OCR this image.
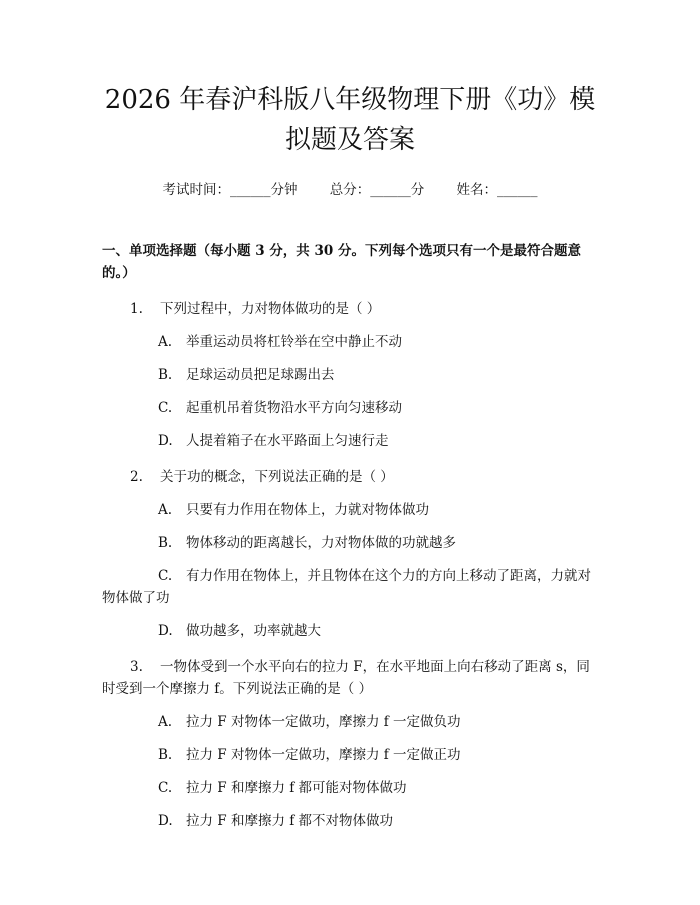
2026 年春沪科版八年级物理下册《功》模拟题及答案
考试时间：______分钟 总分：______分 姓名：______
一、单项选择题（每小题 3 分，共 30 分。下列每个选项只有一个是最符合题意的。）
1. 下列过程中，力对物体做功的是（ ）
A. 举重运动员将杠铃举在空中静止不动
B. 足球运动员把足球踢出去
C. 起重机吊着货物沿水平方向匀速移动
D. 人提着箱子在水平路面上匀速行走
2. 关于功的概念，下列说法正确的是（ ）
A. 只要有力作用在物体上，力就对物体做功
B. 物体移动的距离越长，力对物体做的功就越多
C. 有力作用在物体上，并且物体在这个力的方向上移动了距离，力就对物体做了功
D. 做功越多，功率就越大
3. 一物体受到一个水平向右的拉力 F，在水平地面上向右移动了距离 s，同时受到一个摩擦力 f。下列说法正确的是（ ）
A. 拉力 F 对物体一定做功，摩擦力 f 一定做负功
B. 拉力 F 对物体一定做功，摩擦力 f 一定做正功
C. 拉力 F 和摩擦力 f 都可能对物体做功
D. 拉力 F 和摩擦力 f 都不对物体做功
